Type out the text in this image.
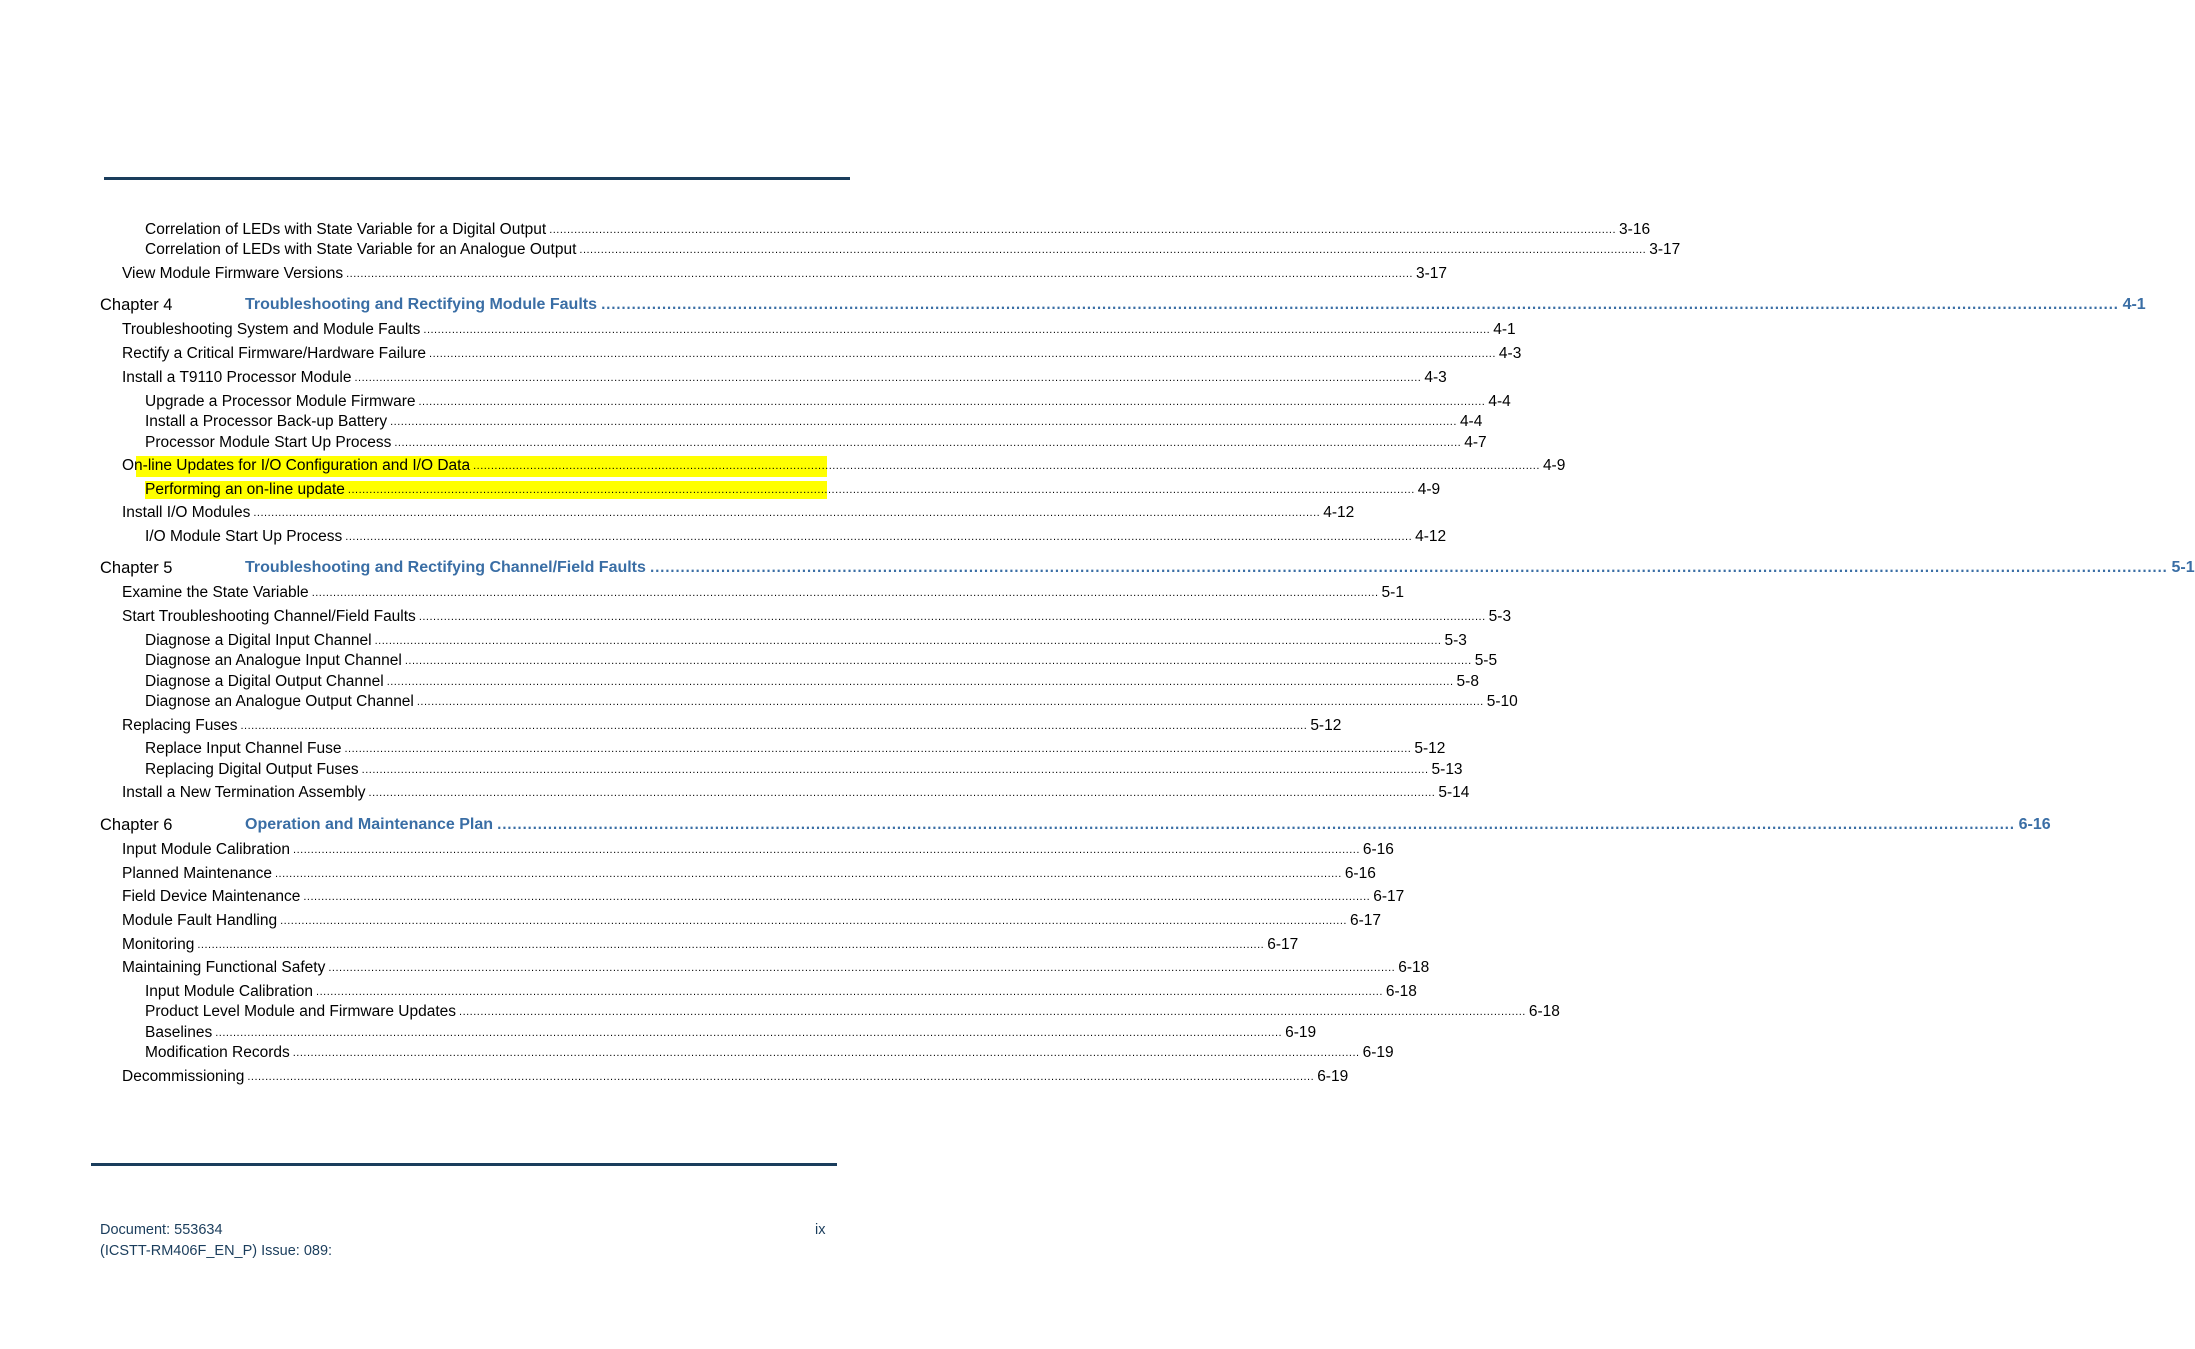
Correlation of LEDs with State Variable for a Digital Output ............................................................................................................................................................................................................................................................................................................ 3-16
Correlation of LEDs with State Variable for an Analogue Output ............................................................................................................................................................................................................................................................................................................ 3-17
View Module Firmware Versions ............................................................................................................................................................................................................................................................................................................ 3-17
Chapter 4	Troubleshooting and Rectifying Module Faults ............................................................................................................................................................................................................................................................................................................ 4-1
Troubleshooting System and Module Faults ............................................................................................................................................................................................................................................................................................................ 4-1
Rectify a Critical Firmware/Hardware Failure ............................................................................................................................................................................................................................................................................................................ 4-3
Install a T9110 Processor Module ............................................................................................................................................................................................................................................................................................................ 4-3
Upgrade a Processor Module Firmware ............................................................................................................................................................................................................................................................................................................ 4-4
Install a Processor Back-up Battery ............................................................................................................................................................................................................................................................................................................ 4-4
Processor Module Start Up Process ............................................................................................................................................................................................................................................................................................................ 4-7
On-line Updates for I/O Configuration and I/O Data ............................................................................................................................................................................................................................................................................................................ 4-9
Performing an on-line update ............................................................................................................................................................................................................................................................................................................ 4-9
Install I/O Modules ............................................................................................................................................................................................................................................................................................................ 4-12
I/O Module Start Up Process ............................................................................................................................................................................................................................................................................................................ 4-12
Chapter 5	Troubleshooting and Rectifying Channel/Field Faults ............................................................................................................................................................................................................................................................................................................ 5-1
Examine the State Variable ............................................................................................................................................................................................................................................................................................................ 5-1
Start Troubleshooting Channel/Field Faults ............................................................................................................................................................................................................................................................................................................ 5-3
Diagnose a Digital Input Channel ............................................................................................................................................................................................................................................................................................................ 5-3
Diagnose an Analogue Input Channel ............................................................................................................................................................................................................................................................................................................ 5-5
Diagnose a Digital Output Channel ............................................................................................................................................................................................................................................................................................................ 5-8
Diagnose an Analogue Output Channel ............................................................................................................................................................................................................................................................................................................ 5-10
Replacing Fuses ............................................................................................................................................................................................................................................................................................................ 5-12
Replace Input Channel Fuse ............................................................................................................................................................................................................................................................................................................ 5-12
Replacing Digital Output Fuses ............................................................................................................................................................................................................................................................................................................ 5-13
Install a New Termination Assembly ............................................................................................................................................................................................................................................................................................................ 5-14
Chapter 6	Operation and Maintenance Plan ............................................................................................................................................................................................................................................................................................................ 6-16
Input Module Calibration ............................................................................................................................................................................................................................................................................................................ 6-16
Planned Maintenance ............................................................................................................................................................................................................................................................................................................ 6-16
Field Device Maintenance ............................................................................................................................................................................................................................................................................................................ 6-17
Module Fault Handling ............................................................................................................................................................................................................................................................................................................ 6-17
Monitoring ............................................................................................................................................................................................................................................................................................................ 6-17
Maintaining Functional Safety ............................................................................................................................................................................................................................................................................................................ 6-18
Input Module Calibration ............................................................................................................................................................................................................................................................................................................ 6-18
Product Level Module and Firmware Updates ............................................................................................................................................................................................................................................................................................................ 6-18
Baselines ............................................................................................................................................................................................................................................................................................................ 6-19
Modification Records ............................................................................................................................................................................................................................................................................................................ 6-19
Decommissioning ............................................................................................................................................................................................................................................................................................................ 6-19
Document: 553634
(ICSTT-RM406F_EN_P) Issue: 089:
ix
